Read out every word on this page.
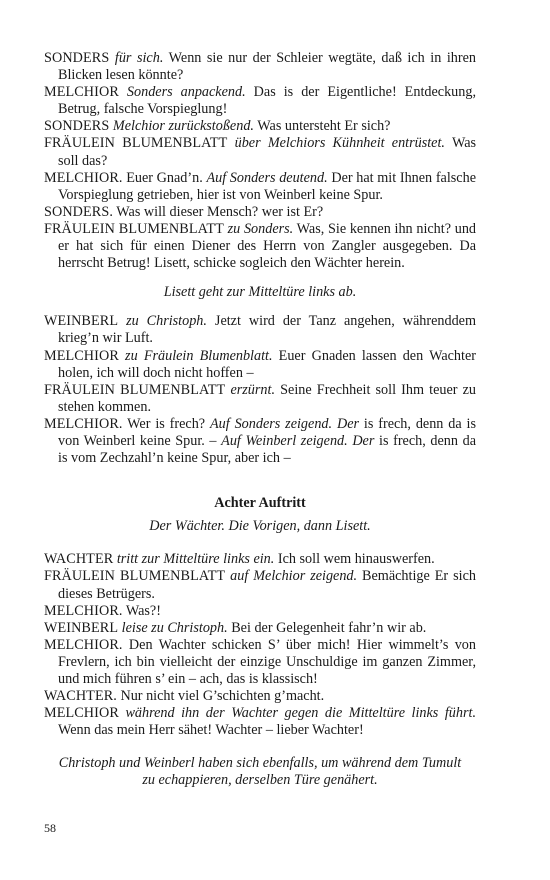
SONDERS für sich. Wenn sie nur der Schleier wegtäte, daß ich in ihren Blicken lesen könnte?

MELCHIOR Sonders anpackend. Das is der Eigentliche! Entdeckung, Betrug, falsche Vorspieglung!

SONDERS Melchior zurückstoßend. Was untersteht Er sich?

FRÄULEIN BLUMENBLATT über Melchiors Kühnheit entrüstet. Was soll das?

MELCHIOR. Euer Gnad’n. Auf Sonders deutend. Der hat mit Ihnen falsche Vorspieglung getrieben, hier ist von Weinberl keine Spur.

SONDERS. Was will dieser Mensch? wer ist Er?

FRÄULEIN BLUMENBLATT zu Sonders. Was, Sie kennen ihn nicht? und er hat sich für einen Diener des Herrn von Zangler ausgegeben. Da herrscht Betrug! Lisett, schicke sogleich den Wächter herein.

Lisett geht zur Mitteltüre links ab.

WEINBERL zu Christoph. Jetzt wird der Tanz angehen, währenddem krieg’n wir Luft.

MELCHIOR zu Fräulein Blumenblatt. Euer Gnaden lassen den Wachter holen, ich will doch nicht hoffen –

FRÄULEIN BLUMENBLATT erzürnt. Seine Frechheit soll Ihm teuer zu stehen kommen.

MELCHIOR. Wer is frech? Auf Sonders zeigend. Der is frech, denn da is von Weinberl keine Spur. – Auf Weinberl zeigend. Der is frech, denn da is vom Zechzahl’n keine Spur, aber ich –

Achter Auftritt

Der Wächter. Die Vorigen, dann Lisett.

WACHTER tritt zur Mitteltüre links ein. Ich soll wem hinauswerfen.

FRÄULEIN BLUMENBLATT auf Melchior zeigend. Bemächtige Er sich dieses Betrügers.

MELCHIOR. Was?!

WEINBERL leise zu Christoph. Bei der Gelegenheit fahr’n wir ab.

MELCHIOR. Den Wachter schicken S’ über mich! Hier wimmelt’s von Frevlern, ich bin vielleicht der einzige Unschuldige im ganzen Zimmer, und mich führen s’ ein – ach, das is klassisch!

WACHTER. Nur nicht viel G’schichten g’macht.

MELCHIOR während ihn der Wachter gegen die Mitteltüre links führt. Wenn das mein Herr sähet! Wachter – lieber Wachter!

Christoph und Weinberl haben sich ebenfalls, um während dem Tumult
zu echappieren, derselben Türe genähert.

58
